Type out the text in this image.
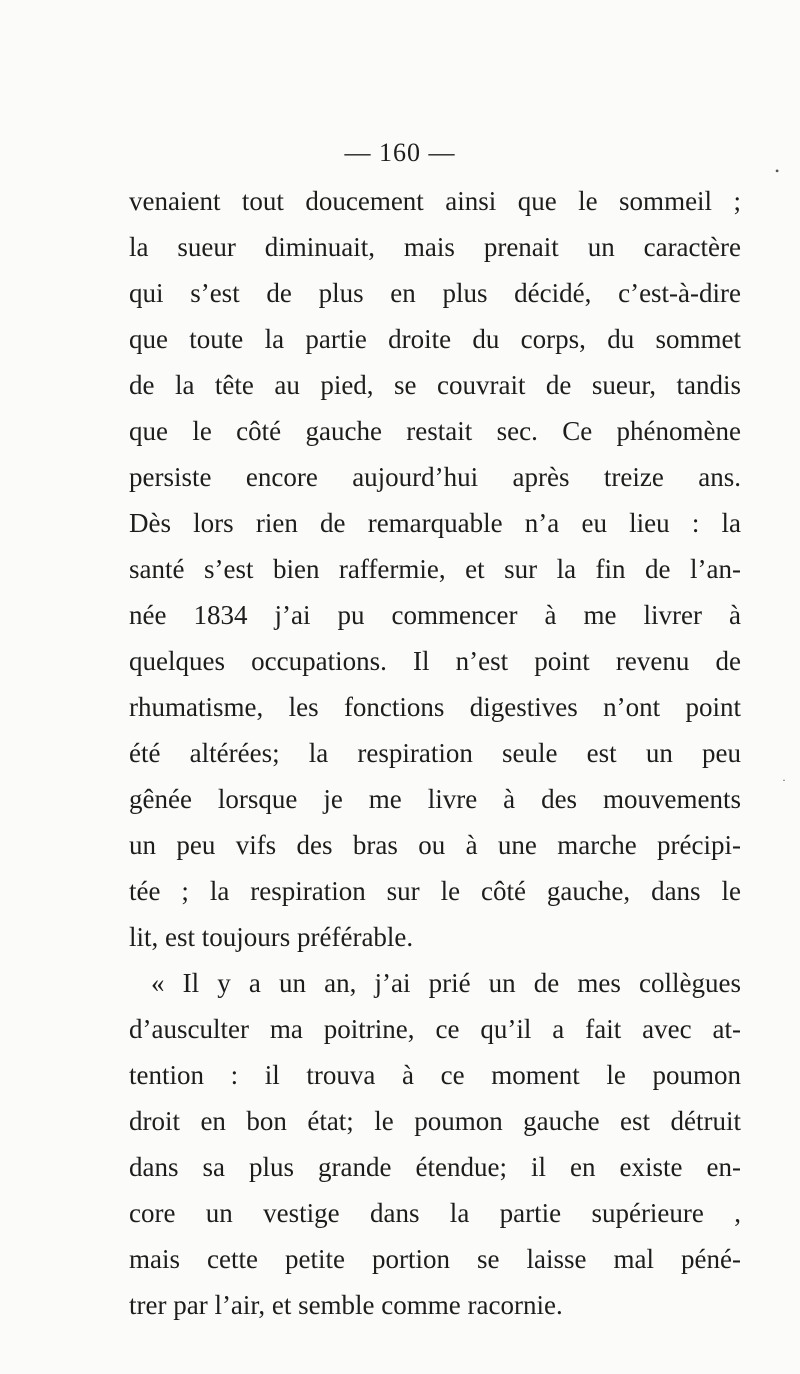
— 160 —
venaient tout doucement ainsi que le sommeil ;
la sueur diminuait, mais prenait un caractère
qui s’est de plus en plus décidé, c’est-à-dire
que toute la partie droite du corps, du sommet
de la tête au pied, se couvrait de sueur, tandis
que le côté gauche restait sec. Ce phénomène
persiste encore aujourd’hui après treize ans.
Dès lors rien de remarquable n’a eu lieu : la
santé s’est bien raffermie, et sur la fin de l’an-
née 1834 j’ai pu commencer à me livrer à
quelques occupations. Il n’est point revenu de
rhumatisme, les fonctions digestives n’ont point
été altérées; la respiration seule est un peu
gênée lorsque je me livre à des mouvements
un peu vifs des bras ou à une marche précipi-
tée ; la respiration sur le côté gauche, dans le
lit, est toujours préférable.
« Il y a un an, j’ai prié un de mes collègues
d’ausculter ma poitrine, ce qu’il a fait avec at-
tention : il trouva à ce moment le poumon
droit en bon état; le poumon gauche est détruit
dans sa plus grande étendue; il en existe en-
core un vestige dans la partie supérieure ,
mais cette petite portion se laisse mal péné-
trer par l’air, et semble comme racornie.
•
·
